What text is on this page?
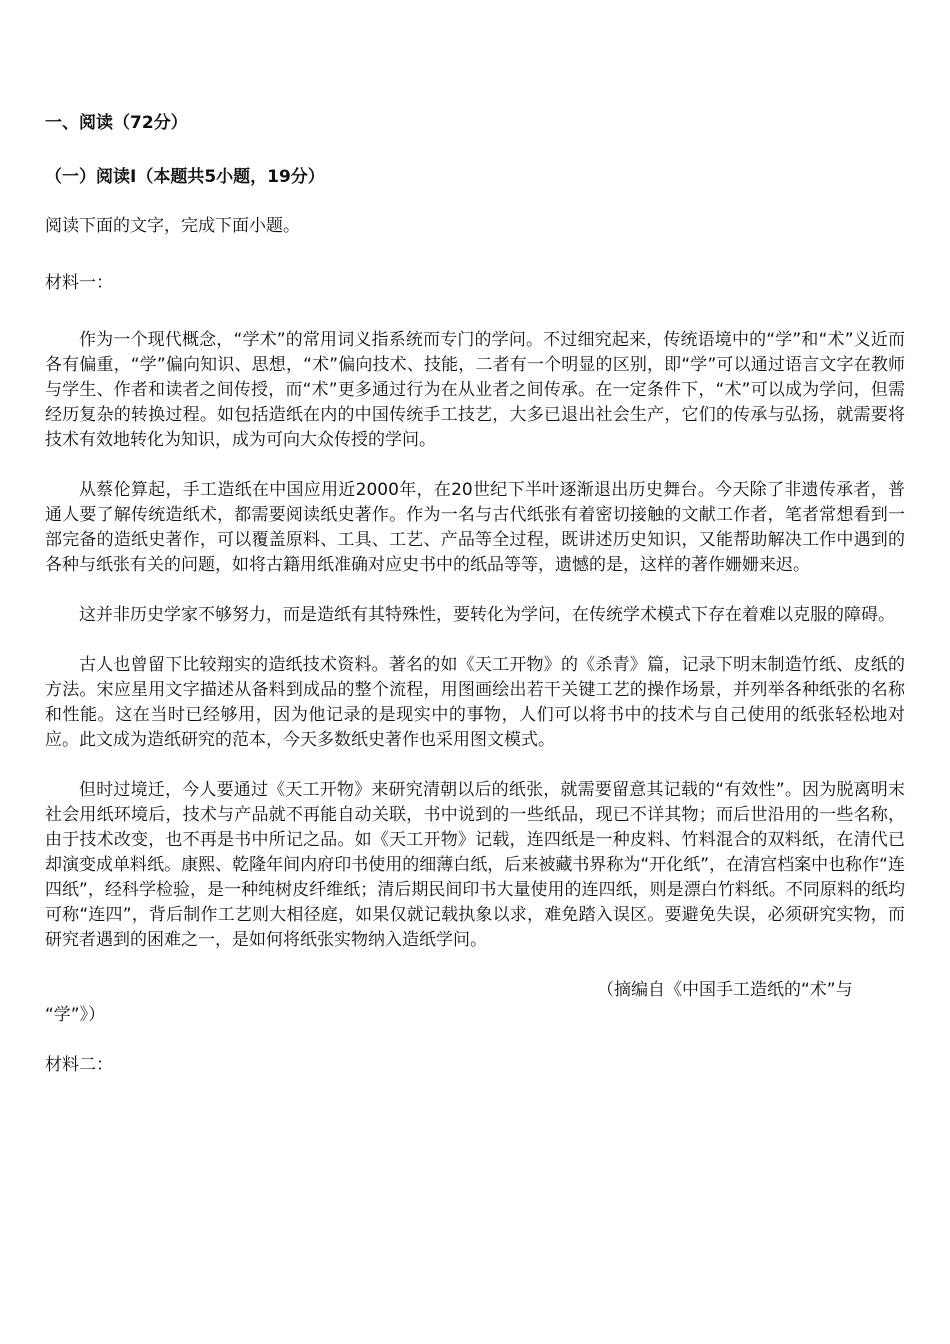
一、阅读（72分）
（一）阅读Ⅰ（本题共5小题，19分）
阅读下面的文字，完成下面小题。
材料一：
作为一个现代概念，“学术”的常用词义指系统而专门的学问。不过细究起来，传统语境中的“学”和“术”义近而各有偏重，“学”偏向知识、思想，“术”偏向技术、技能，二者有一个明显的区别，即“学”可以通过语言文字在教师与学生、作者和读者之间传授，而“术”更多通过行为在从业者之间传承。在一定条件下，“术”可以成为学问，但需经历复杂的转换过程。如包括造纸在内的中国传统手工技艺，大多已退出社会生产，它们的传承与弘扬，就需要将技术有效地转化为知识，成为可向大众传授的学问。
从蔡伦算起，手工造纸在中国应用近2000年，在20世纪下半叶逐渐退出历史舞台。今天除了非遗传承者，普通人要了解传统造纸术，都需要阅读纸史著作。作为一名与古代纸张有着密切接触的文献工作者，笔者常想看到一部完备的造纸史著作，可以覆盖原料、工具、工艺、产品等全过程，既讲述历史知识，又能帮助解决工作中遇到的各种与纸张有关的问题，如将古籍用纸准确对应史书中的纸品等等，遗憾的是，这样的著作姗姗来迟。
这并非历史学家不够努力，而是造纸有其特殊性，要转化为学问，在传统学术模式下存在着难以克服的障碍。
古人也曾留下比较翔实的造纸技术资料。著名的如《天工开物》的《杀青》篇，记录下明末制造竹纸、皮纸的方法。宋应星用文字描述从备料到成品的整个流程，用图画绘出若干关键工艺的操作场景，并列举各种纸张的名称和性能。这在当时已经够用，因为他记录的是现实中的事物，人们可以将书中的技术与自己使用的纸张轻松地对应。此文成为造纸研究的范本，今天多数纸史著作也采用图文模式。
但时过境迁，今人要通过《天工开物》来研究清朝以后的纸张，就需要留意其记载的“有效性”。因为脱离明末社会用纸环境后，技术与产品就不再能自动关联，书中说到的一些纸品，现已不详其物；而后世沿用的一些名称，由于技术改变，也不再是书中所记之品。如《天工开物》记载，连四纸是一种皮料、竹料混合的双料纸，在清代已却演变成单料纸。康熙、乾隆年间内府印书使用的细薄白纸，后来被藏书界称为“开化纸”，在清宫档案中也称作“连四纸”，经科学检验，是一种纯树皮纤维纸；清后期民间印书大量使用的连四纸，则是漂白竹料纸。不同原料的纸均可称“连四”，背后制作工艺则大相径庭，如果仅就记载执象以求，难免踏入误区。要避免失误，必须研究实物，而研究者遇到的困难之一，是如何将纸张实物纳入造纸学问。
（摘编自《中国手工造纸的“术”与
“学”》）
材料二：
